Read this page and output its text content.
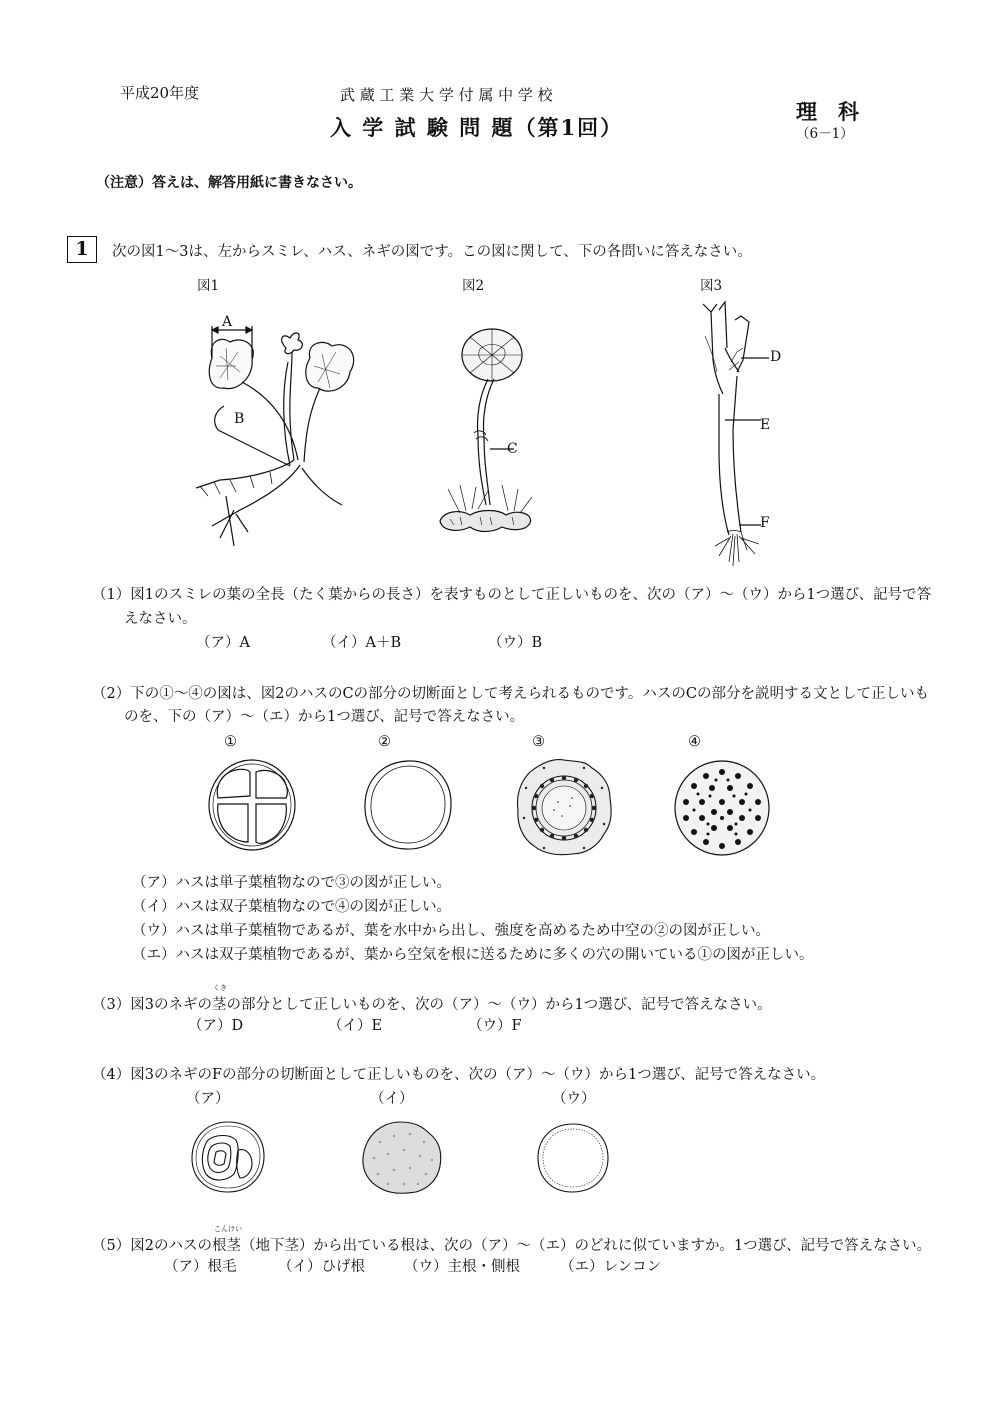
平成20年度	武 蔵 工 業 大 学 付 属 中 学 校
入 学 試 験 問 題（第1回）
理　科
（6－1）
（注意）答えは、解答用紙に書きなさい。
1	次の図1～3は、左からスミレ、ハス、ネギの図です。この図に関して、下の各問いに答えなさい。
図1	図2	図3
A
B
C
D
E
F
（1）図1のスミレの葉の全長（たく葉からの長さ）を表すものとして正しいものを、次の（ア）～（ウ）から1つ選び、記号で答
えなさい。
（ア）A	（イ）A＋B	（ウ）B
（2）下の①～④の図は、図2のハスのCの部分の切断面として考えられるものです。ハスのCの部分を説明する文として正しいも
のを、下の（ア）～（エ）から1つ選び、記号で答えなさい。
①	②	③	④
（ア）ハスは単子葉植物なので③の図が正しい。
（イ）ハスは双子葉植物なので④の図が正しい。
（ウ）ハスは単子葉植物であるが、葉を水中から出し、強度を高めるため中空の②の図が正しい。
（エ）ハスは双子葉植物であるが、葉から空気を根に送るために多くの穴の開いている①の図が正しい。
（3）図3のネギの
くき
茎の部分として正しいものを、次の（ア）～（ウ）から1つ選び、記号で答えなさい。
（ア）D	（イ）E	（ウ）F
（4）図3のネギのFの部分の切断面として正しいものを、次の（ア）～（ウ）から1つ選び、記号で答えなさい。
（ア）	（イ）	（ウ）
（5）図2のハスの
こんけい
根茎（地下茎）から出ている根は、次の（ア）～（エ）のどれに似ていますか。1つ選び、記号で答えなさい。
（ア）根毛	（イ）ひげ根	（ウ）主根・側根	（エ）レンコン
